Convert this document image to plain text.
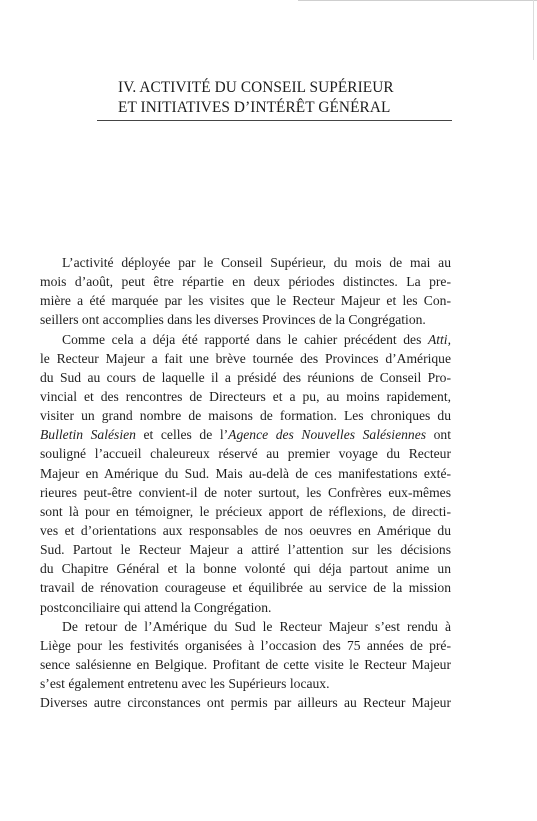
IV. ACTIVITÉ DU CONSEIL SUPÉRIEUR
ET INITIATIVES D’INTÉRÊT GÉNÉRAL
L’activité déployée par le Conseil Supérieur, du mois de mai au
mois d’août, peut être répartie en deux périodes distinctes. La pre-
mière a été marquée par les visites que le Recteur Majeur et les Con-
seillers ont accomplies dans les diverses Provinces de la Congrégation.
Comme cela a déja été rapporté dans le cahier précédent des Atti,
le Recteur Majeur a fait une brève tournée des Provinces d’Amérique
du Sud au cours de laquelle il a présidé des réunions de Conseil Pro-
vincial et des rencontres de Directeurs et a pu, au moins rapidement,
visiter un grand nombre de maisons de formation. Les chroniques du
Bulletin Salésien et celles de l’Agence des Nouvelles Salésiennes ont
souligné l’accueil chaleureux réservé au premier voyage du Recteur
Majeur en Amérique du Sud. Mais au-delà de ces manifestations exté-
rieures peut-être convient-il de noter surtout, les Confrères eux-mêmes
sont là pour en témoigner, le précieux apport de réflexions, de directi-
ves et d’orientations aux responsables de nos oeuvres en Amérique du
Sud. Partout le Recteur Majeur a attiré l’attention sur les décisions
du Chapitre Général et la bonne volonté qui déja partout anime un
travail de rénovation courageuse et équilibrée au service de la mission
postconciliaire qui attend la Congrégation.
De retour de l’Amérique du Sud le Recteur Majeur s’est rendu à
Liège pour les festivités organisées à l’occasion des 75 années de pré-
sence salésienne en Belgique. Profitant de cette visite le Recteur Majeur
s’est également entretenu avec les Supérieurs locaux.
Diverses autre circonstances ont permis par ailleurs au Recteur Majeur
